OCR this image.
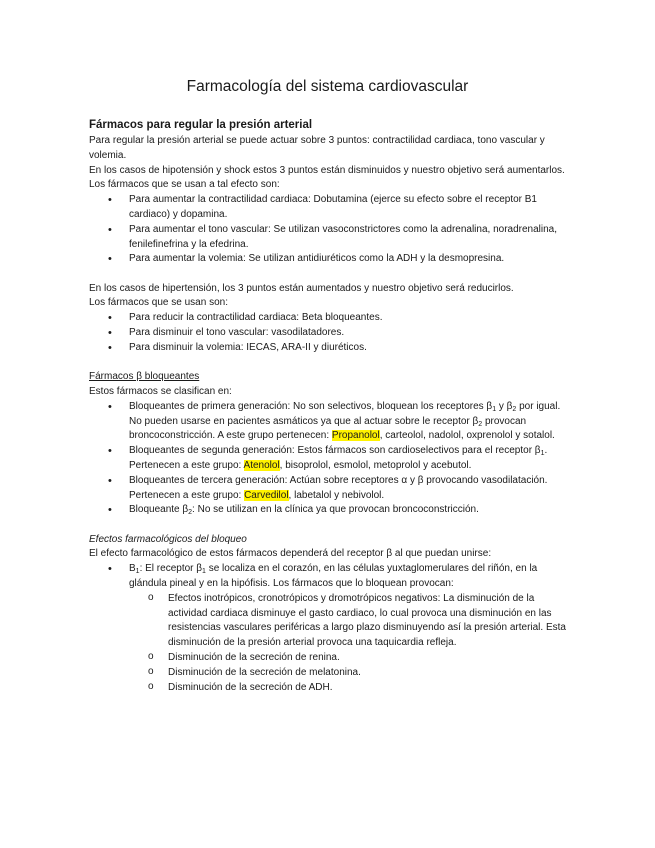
Farmacología del sistema cardiovascular

Fármacos para regular la presión arterial

Para regular la presión arterial se puede actuar sobre 3 puntos: contractilidad cardiaca, tono vascular y volemia.

En los casos de hipotensión y shock estos 3 puntos están disminuidos y nuestro objetivo será aumentarlos.

Los fármacos que se usan a tal efecto son:

• Para aumentar la contractilidad cardiaca: Dobutamina (ejerce su efecto sobre el receptor B1 cardiaco) y dopamina.
• Para aumentar el tono vascular: Se utilizan vasoconstrictores como la adrenalina, noradrenalina, fenilefinefrina y la efedrina.
• Para aumentar la volemia: Se utilizan antidiuréticos como la ADH y la desmopresina.

En los casos de hipertensión, los 3 puntos están aumentados y nuestro objetivo será reducirlos.

Los fármacos que se usan son:

• Para reducir la contractilidad cardiaca: Beta bloqueantes.
• Para disminuir el tono vascular: vasodilatadores.
• Para disminuir la volemia: IECAS, ARA-II y diuréticos.

Fármacos β bloqueantes

Estos fármacos se clasifican en:

• Bloqueantes de primera generación: No son selectivos, bloquean los receptores $\beta_1$ y $\beta_2$ por igual. No pueden usarse en pacientes asmáticos ya que al actuar sobre le receptor $\beta_2$ provocan broncoconstricción. A este grupo pertenecen: Propanolol, carteolol, nadolol, oxprenolol y sotalol.
• Bloqueantes de segunda generación: Estos fármacos son cardioselectivos para el receptor $\beta_1$. Pertenecen a este grupo: Atenolol, bisoprolol, esmolol, metoprolol y acebutol.
• Bloqueantes de tercera generación: Actúan sobre receptores α y β provocando vasodilatación. Pertenecen a este grupo: Carvedilol, labetalol y nebivolol.
• Bloqueante $\beta_2$: No se utilizan en la clínica ya que provocan broncoconstricción.

Efectos farmacológicos del bloqueo

El efecto farmacológico de estos fármacos dependerá del receptor β al que puedan unirse:

• $B_1$: El receptor $\beta_1$ se localiza en el corazón, en las células yuxtaglomerulares del riñón, en la glándula pineal y en la hipófisis. Los fármacos que lo bloquean provocan:
o Efectos inotrópicos, cronotrópicos y dromotrópicos negativos: La disminución de la actividad cardiaca disminuye el gasto cardiaco, lo cual provoca una disminución en las resistencias vasculares periféricas a largo plazo disminuyendo así la presión arterial. Esta disminución de la presión arterial provoca una taquicardia refleja.
o Disminución de la secreción de renina.
o Disminución de la secreción de melatonina.
o Disminución de la secreción de ADH.
